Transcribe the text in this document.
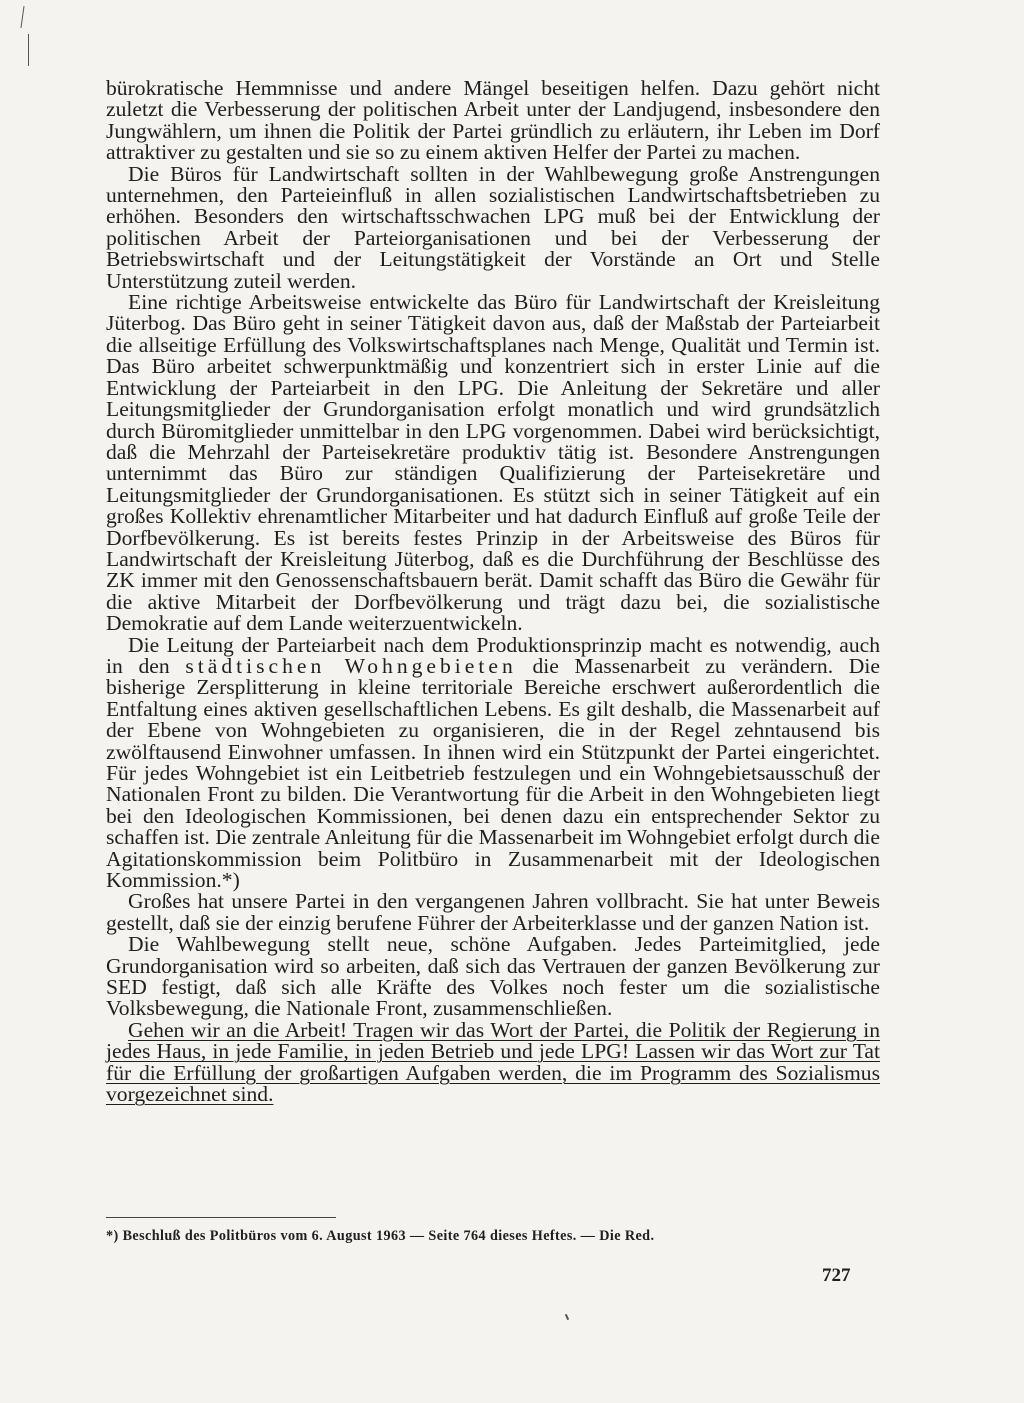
bürokratische Hemmnisse und andere Mängel beseitigen helfen. Dazu gehört nicht zuletzt die Verbesserung der politischen Arbeit unter der Landjugend, insbesondere den Jungwählern, um ihnen die Politik der Partei gründlich zu erläutern, ihr Leben im Dorf attraktiver zu gestalten und sie so zu einem aktiven Helfer der Partei zu machen.

Die Büros für Landwirtschaft sollten in der Wahlbewegung große Anstrengungen unternehmen, den Parteieinfluß in allen sozialistischen Landwirtschaftsbetrieben zu erhöhen. Besonders den wirtschaftsschwachen LPG muß bei der Entwicklung der politischen Arbeit der Parteiorganisationen und bei der Verbesserung der Betriebswirtschaft und der Leitungstätigkeit der Vorstände an Ort und Stelle Unterstützung zuteil werden.

Eine richtige Arbeitsweise entwickelte das Büro für Landwirtschaft der Kreisleitung Jüterbog. Das Büro geht in seiner Tätigkeit davon aus, daß der Maßstab der Parteiarbeit die allseitige Erfüllung des Volkswirtschaftsplanes nach Menge, Qualität und Termin ist. Das Büro arbeitet schwerpunktmäßig und konzentriert sich in erster Linie auf die Entwicklung der Parteiarbeit in den LPG. Die Anleitung der Sekretäre und aller Leitungsmitglieder der Grundorganisation erfolgt monatlich und wird grundsätzlich durch Büromitglieder unmittelbar in den LPG vorgenommen. Dabei wird berücksichtigt, daß die Mehrzahl der Parteisekretäre produktiv tätig ist. Besondere Anstrengungen unternimmt das Büro zur ständigen Qualifizierung der Parteisekretäre und Leitungsmitglieder der Grundorganisationen. Es stützt sich in seiner Tätigkeit auf ein großes Kollektiv ehrenamtlicher Mitarbeiter und hat dadurch Einfluß auf große Teile der Dorfbevölkerung. Es ist bereits festes Prinzip in der Arbeitsweise des Büros für Landwirtschaft der Kreisleitung Jüterbog, daß es die Durchführung der Beschlüsse des ZK immer mit den Genossenschaftsbauern berät. Damit schafft das Büro die Gewähr für die aktive Mitarbeit der Dorfbevölkerung und trägt dazu bei, die sozialistische Demokratie auf dem Lande weiterzuentwickeln.

Die Leitung der Parteiarbeit nach dem Produktionsprinzip macht es notwendig, auch in den städtischen Wohngebieten die Massenarbeit zu verändern. Die bisherige Zersplitterung in kleine territoriale Bereiche erschwert außerordentlich die Entfaltung eines aktiven gesellschaftlichen Lebens. Es gilt deshalb, die Massenarbeit auf der Ebene von Wohngebieten zu organisieren, die in der Regel zehntausend bis zwölftausend Einwohner umfassen. In ihnen wird ein Stützpunkt der Partei eingerichtet. Für jedes Wohngebiet ist ein Leitbetrieb festzulegen und ein Wohngebietsausschuß der Nationalen Front zu bilden. Die Verantwortung für die Arbeit in den Wohngebieten liegt bei den Ideologischen Kommissionen, bei denen dazu ein entsprechender Sektor zu schaffen ist. Die zentrale Anleitung für die Massenarbeit im Wohngebiet erfolgt durch die Agitationskommission beim Politbüro in Zusammenarbeit mit der Ideologischen Kommission.*)

Großes hat unsere Partei in den vergangenen Jahren vollbracht. Sie hat unter Beweis gestellt, daß sie der einzig berufene Führer der Arbeiterklasse und der ganzen Nation ist.

Die Wahlbewegung stellt neue, schöne Aufgaben. Jedes Parteimitglied, jede Grundorganisation wird so arbeiten, daß sich das Vertrauen der ganzen Bevölkerung zur SED festigt, daß sich alle Kräfte des Volkes noch fester um die sozialistische Volksbewegung, die Nationale Front, zusammenschließen.

Gehen wir an die Arbeit! Tragen wir das Wort der Partei, die Politik der Regierung in jedes Haus, in jede Familie, in jeden Betrieb und jede LPG! Lassen wir das Wort zur Tat für die Erfüllung der großartigen Aufgaben werden, die im Programm des Sozialismus vorgezeichnet sind.

*) Beschluß des Politbüros vom 6. August 1963 — Seite 764 dieses Heftes. — Die Red.

727
